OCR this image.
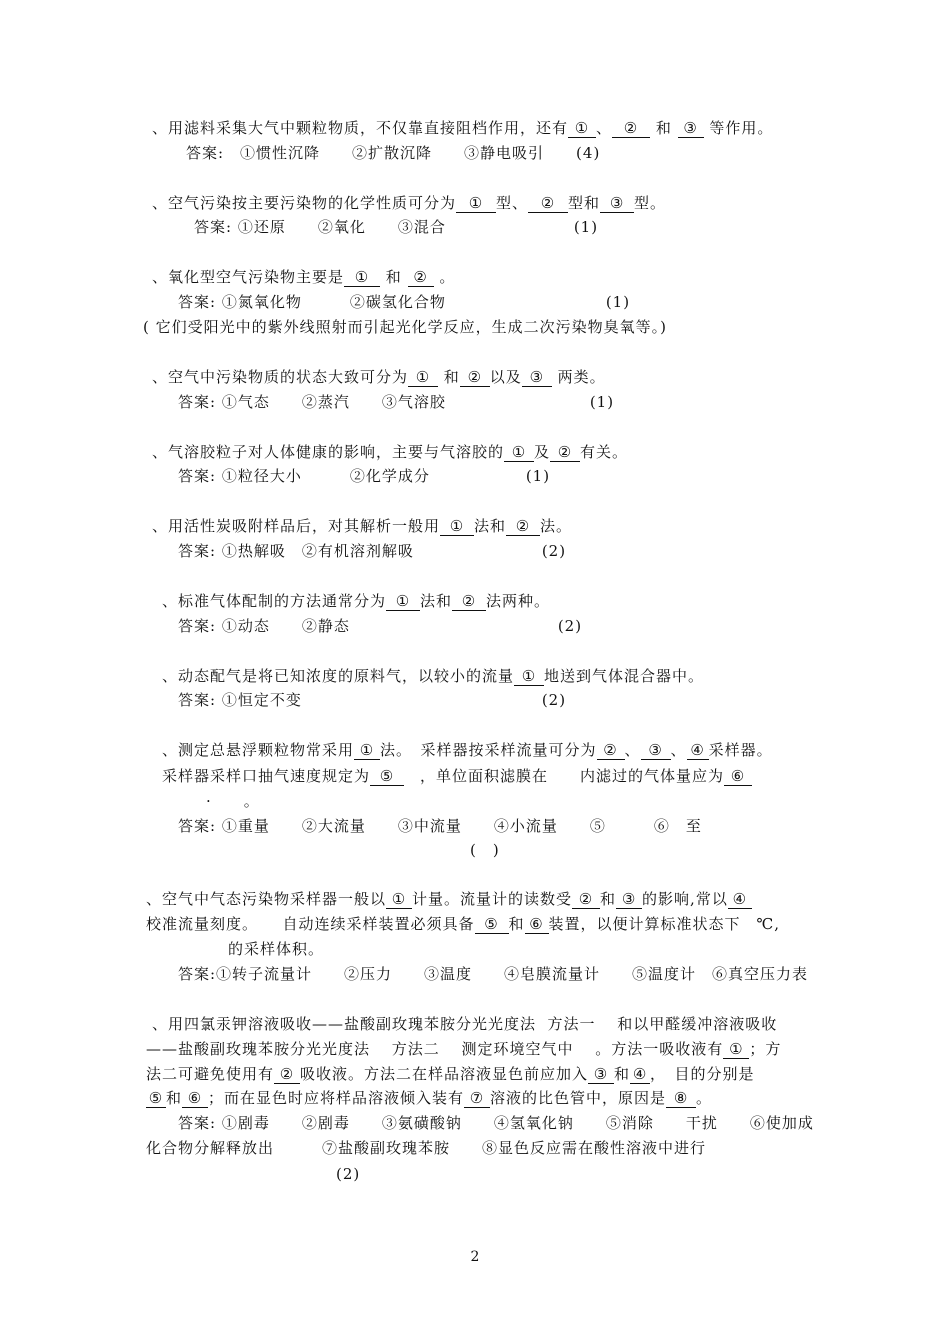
、用滤料采集大气中颗粒物质，不仅靠直接阻档作用，还有 ① 、 ② 和 ③ 等作用。
答案:　①惯性沉降　　②扩散沉降　　③静电吸引　　(4)
、空气污染按主要污染物的化学性质可分为 ① 型、 ② 型和 ③ 型。
答案: ①还原　　②氧化　　③混合　　　　　　　　(1)
、氧化型空气污染物主要是 ① 和 ② 。
答案: ①氮氧化物　　　②碳氢化合物　　　　　　　　　　(1)
( 它们受阳光中的紫外线照射而引起光化学反应，生成二次污染物臭氧等。)
、空气中污染物质的状态大致可分为 ① 和 ② 以及 ③ 两类。
答案: ①气态　　②蒸汽　　③气溶胶　　　　　　　　　(1)
、气溶胶粒子对人体健康的影响，主要与气溶胶的 ① 及 ② 有关。
答案: ①粒径大小　　　②化学成分　　　　　　(1)
、用活性炭吸附样品后，对其解析一般用 ① 法和 ② 法。
答案: ①热解吸　②有机溶剂解吸　　　　　　　　(2)
、标准气体配制的方法通常分为 ① 法和 ② 法两种。
答案: ①动态　　②静态　　　　　　　　　　　　　(2)
、动态配气是将已知浓度的原料气，以较小的流量 ① 地送到气体混合器中。
答案: ①恒定不变　　　　　　　　　　　　　　　(2)
、测定总悬浮颗粒物常采用 ① 法。　采样器按采样流量可分为 ② 、 ③ 、 ④ 采样器。
采样器采样口抽气速度规定为 ⑤　，单位面积滤膜在　　内滤过的气体量应为 ⑥
·　　。
答案: ①重量　　②大流量　　③中流量　　④小流量　　⑤　　　⑥　至
(　)
、空气中气态污染物采样器一般以 ① 计量。流量计的读数受 ② 和 ③ 的影响,常以 ④
校准流量刻度。　　自动连续采样装置必须具备 ⑤ 和 ⑥ 装置，以便计算标准状态下　℃,
的采样体积。
答案:①转子流量计　　②压力　　③温度　　④皂膜流量计　　⑤温度计　⑥真空压力表
、用四氯汞钾溶液吸收——盐酸副玫瑰苯胺分光光度法  方法一　 和以甲醛缓冲溶液吸收
——盐酸副玫瑰苯胺分光光度法　 方法二　 测定环境空气中　 。方法一吸收液有 ① ；方
法二可避免使用有 ② 吸收液。方法二在样品溶液显色前应加入 ③ 和 ④ ，　目的分别是
⑤ 和 ⑥ ；而在显色时应将样品溶液倾入装有 ⑦ 溶液的比色管中，原因是 ⑧ 。
答案: ①剧毒　　②剧毒　　③氨磺酸钠　　④氢氧化钠　　⑤消除　　干扰　　⑥使加成
化合物分解释放出　　　⑦盐酸副玫瑰苯胺　　⑧显色反应需在酸性溶液中进行
(2)
2
